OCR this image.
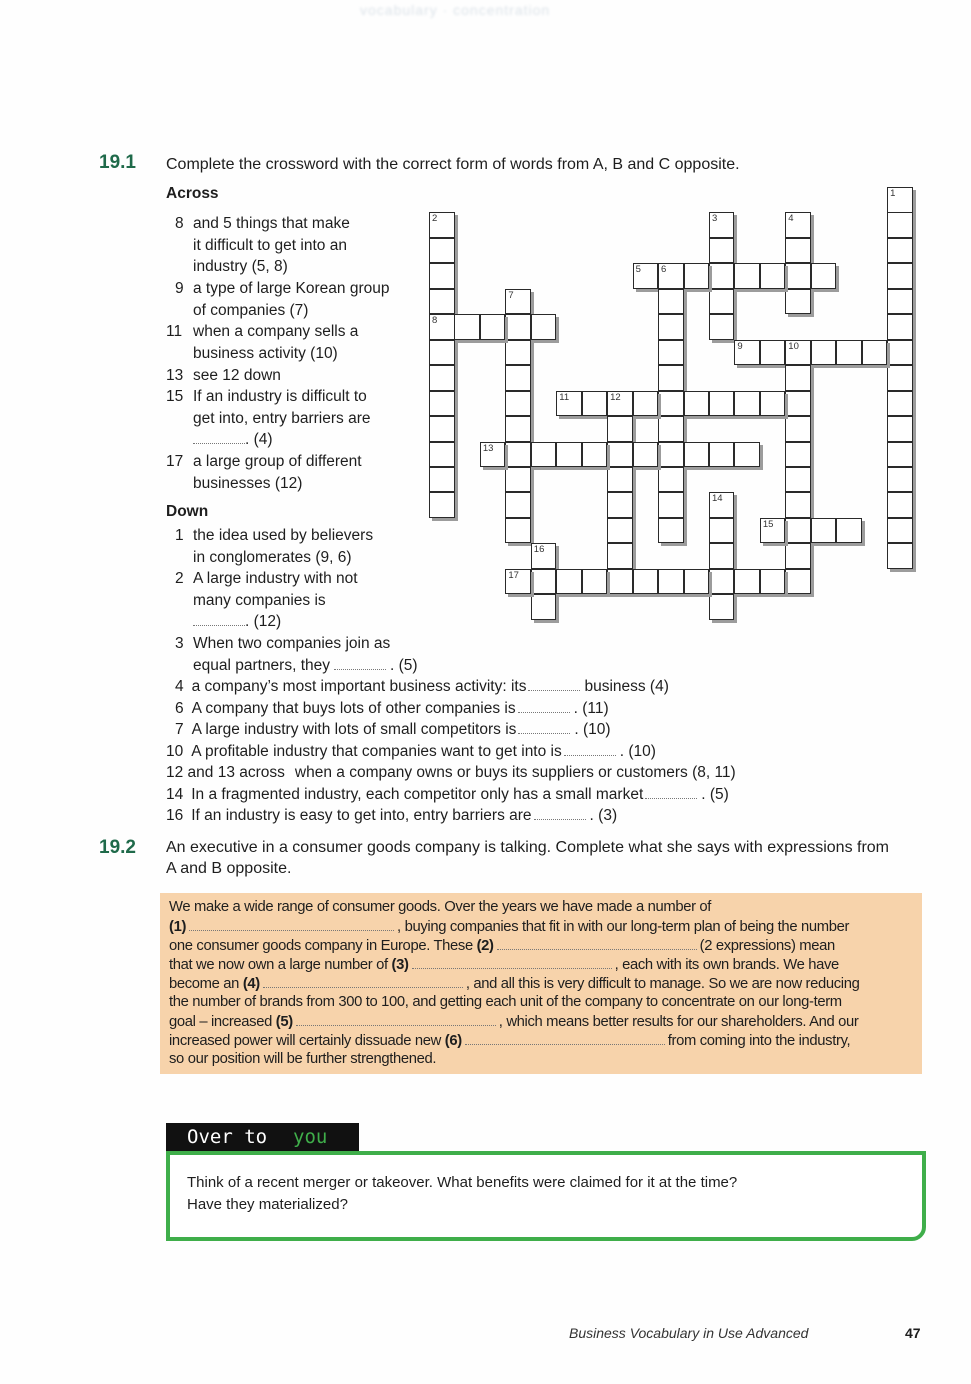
vocabulary · concentration
19.1 Complete the crossword with the correct form of words from A, B and C opposite.
Across
8 and 5 things that make
it difficult to get into an
industry (5, 8)
9 a type of large Korean group
of companies (7)
11 when a company sells a
business activity (10)
13 see 12 down
15 If an industry is difficult to
get into, entry barriers are
. (4)
17 a large group of different
businesses (12)
Down
1 the idea used by believers
in conglomerates (9, 6)
2 A large industry with not
many companies is
. (12)
3 When two companies join as
equal partners, they	. (5)
4 a company’s most important business activity: its	business (4)
6 A company that buys lots of other companies is	. (11)
7 A large industry with lots of small competitors is	. (10)
10 A profitable industry that companies want to get into is	. (10)
12 and 13 across when a company owns or buys its suppliers or customers (8, 11)
14 In a fragmented industry, each competitor only has a small market	. (5)
16 If an industry is easy to get into, entry barriers are	. (3)
1
2
8
3	4
5 6
7
9	10
11	12
13
14
15
16
17
19.2 An executive in a consumer goods company is talking. Complete what she says with expressions from
A and B opposite.
We make a wide range of consumer goods. Over the years we have made a number of
(1)	, buying companies that fit in with our long-term plan of being the number
one consumer goods company in Europe. These (2)	(2 expressions) mean
that we now own a large number of (3)	, each with its own brands. We have
become an (4)	, and all this is very difficult to manage. So we are now reducing
the number of brands from 300 to 100, and getting each unit of the company to concentrate on our long-term
goal – increased (5)	, which means better results for our shareholders. And our
increased power will certainly dissuade new (6)	from coming into the industry,
so our position will be further strengthened.
Over to you
Think of a recent merger or takeover. What benefits were claimed for it at the time?
Have they materialized?
Business Vocabulary in Use Advanced	47
